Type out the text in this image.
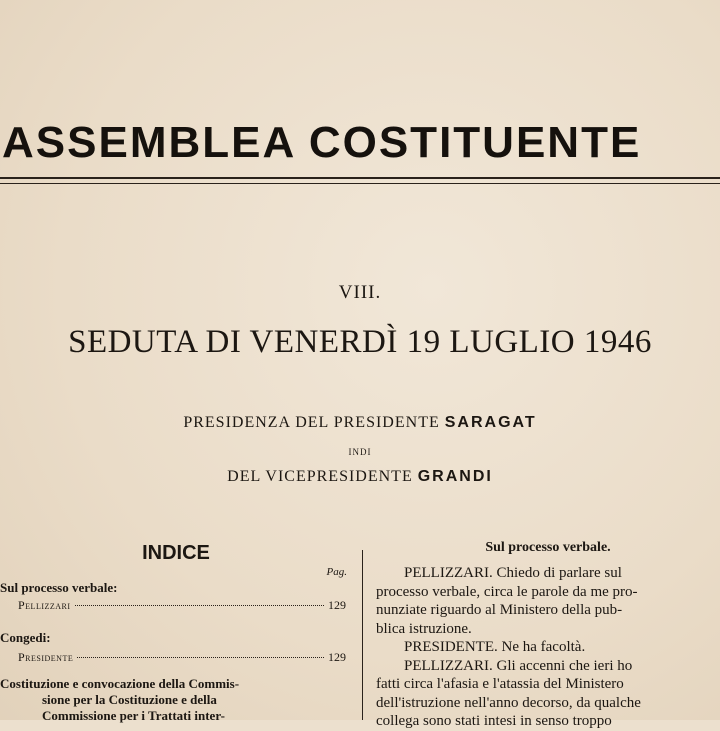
ASSEMBLEA COSTITUENTE
VIII.
SEDUTA DI VENERDÌ 19 LUGLIO 1946
PRESIDENZA DEL PRESIDENTE SARAGAT
INDI
DEL VICEPRESIDENTE GRANDI
INDICE
Pag.
Sul processo verbale:
Pellizzari	129
Congedi:
Presidente	129
Costituzione e convocazione della Commis-
sione per la Costituzione e della
Commissione per i Trattati inter-
Sul processo verbale.

PELLIZZARI. Chiedo di parlare sul

processo verbale, circa le parole da me pro-

nunziate riguardo al Ministero della pub-

blica istruzione.

PRESIDENTE. Ne ha facoltà.

PELLIZZARI. Gli accenni che ieri ho

fatti circa l'afasia e l'atassia del Ministero

dell'istruzione nell'anno decorso, da qualche

collega sono stati intesi in senso troppo
